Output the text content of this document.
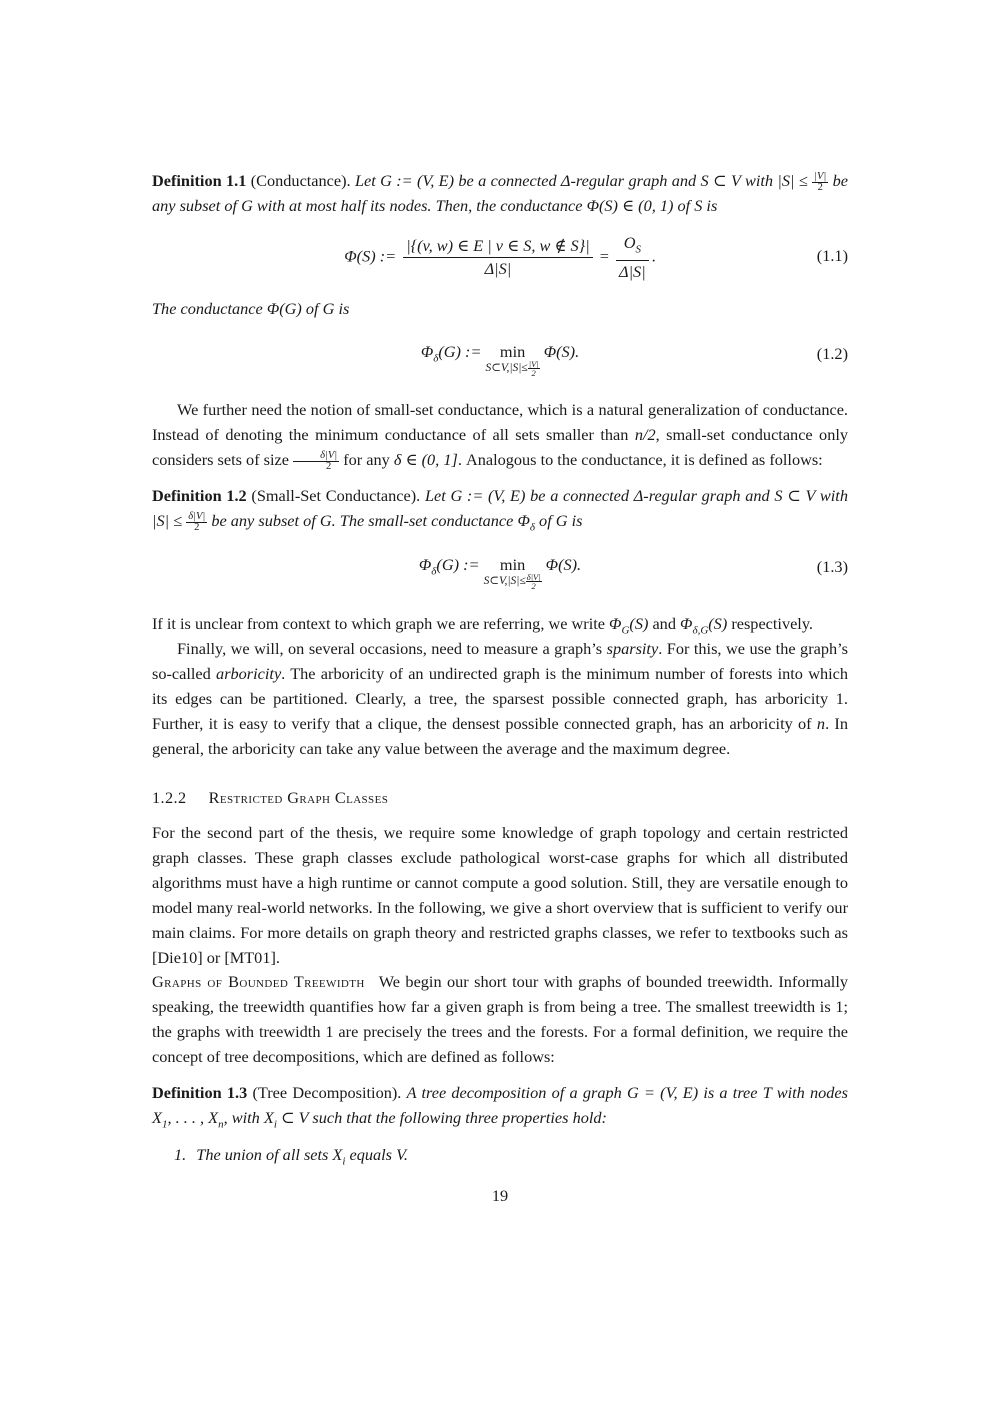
Definition 1.1 (Conductance). Let G := (V, E) be a connected Δ-regular graph and S ⊂ V with $|S| \le \frac{|V|}{2}$ be any subset of G with at most half its nodes. Then, the conductance Φ(S) ∈ (0, 1) of S is

Φ(S) := $\frac{|\{(v, w) \in E | v \in S, w \notin S\}|}{\Delta|S|} = \frac{O_S}{\Delta|S|}$ .	(1.1)

The conductance Φ(G) of G is

$\Phi_\delta(G)$ := min
S⊂V,|S|≤ $\frac{|V|}{2}$
Φ(S).	(1.2)

We further need the notion of small-set conductance, which is a natural generalization of conductance. Instead of denoting the minimum conductance of all sets smaller than n/2, small-set conductance only considers sets of size $\frac{\delta|V|}{2}$ for any δ ∈ (0, 1]. Analogous to the conductance, it is defined as follows:

Definition 1.2 (Small-Set Conductance). Let G := (V, E) be a connected Δ-regular graph and S ⊂ V with $|S| \le \frac{\delta|V|}{2}$ be any subset of G. The small-set conductance $\Phi_\delta$ of G is

$\Phi_\delta(G)$ := min
S⊂V,|S|≤ $\frac{\delta|V|}{2}$
Φ(S).	(1.3)

If it is unclear from context to which graph we are referring, we write $\Phi_G(S)$ and $\Phi_{\delta,G}(S)$ respectively.

Finally, we will, on several occasions, need to measure a graph’s sparsity. For this, we use the graph’s so-called arboricity. The arboricity of an undirected graph is the minimum number of forests into which its edges can be partitioned. Clearly, a tree, the sparsest possible connected graph, has arboricity 1. Further, it is easy to verify that a clique, the densest possible connected graph, has an arboricity of n. In general, the arboricity can take any value between the average and the maximum degree.

1.2.2 Restricted Graph Classes

For the second part of the thesis, we require some knowledge of graph topology and certain restricted graph classes. These graph classes exclude pathological worst-case graphs for which all distributed algorithms must have a high runtime or cannot compute a good solution. Still, they are versatile enough to model many real-world networks. In the following, we give a short overview that is sufficient to verify our main claims. For more details on graph theory and restricted graphs classes, we refer to textbooks such as [Die10] or [MT01].

Graphs of Bounded Treewidth We begin our short tour with graphs of bounded treewidth. Informally speaking, the treewidth quantifies how far a given graph is from being a tree. The smallest treewidth is 1; the graphs with treewidth 1 are precisely the trees and the forests. For a formal definition, we require the concept of tree decompositions, which are defined as follows:

Definition 1.3 (Tree Decomposition). A tree decomposition of a graph G = (V, E) is a tree T with nodes $X_1$, . . . , $X_n$, with $X_i$ ⊂ V such that the following three properties hold:

1. The union of all sets $X_i$ equals V.

19
